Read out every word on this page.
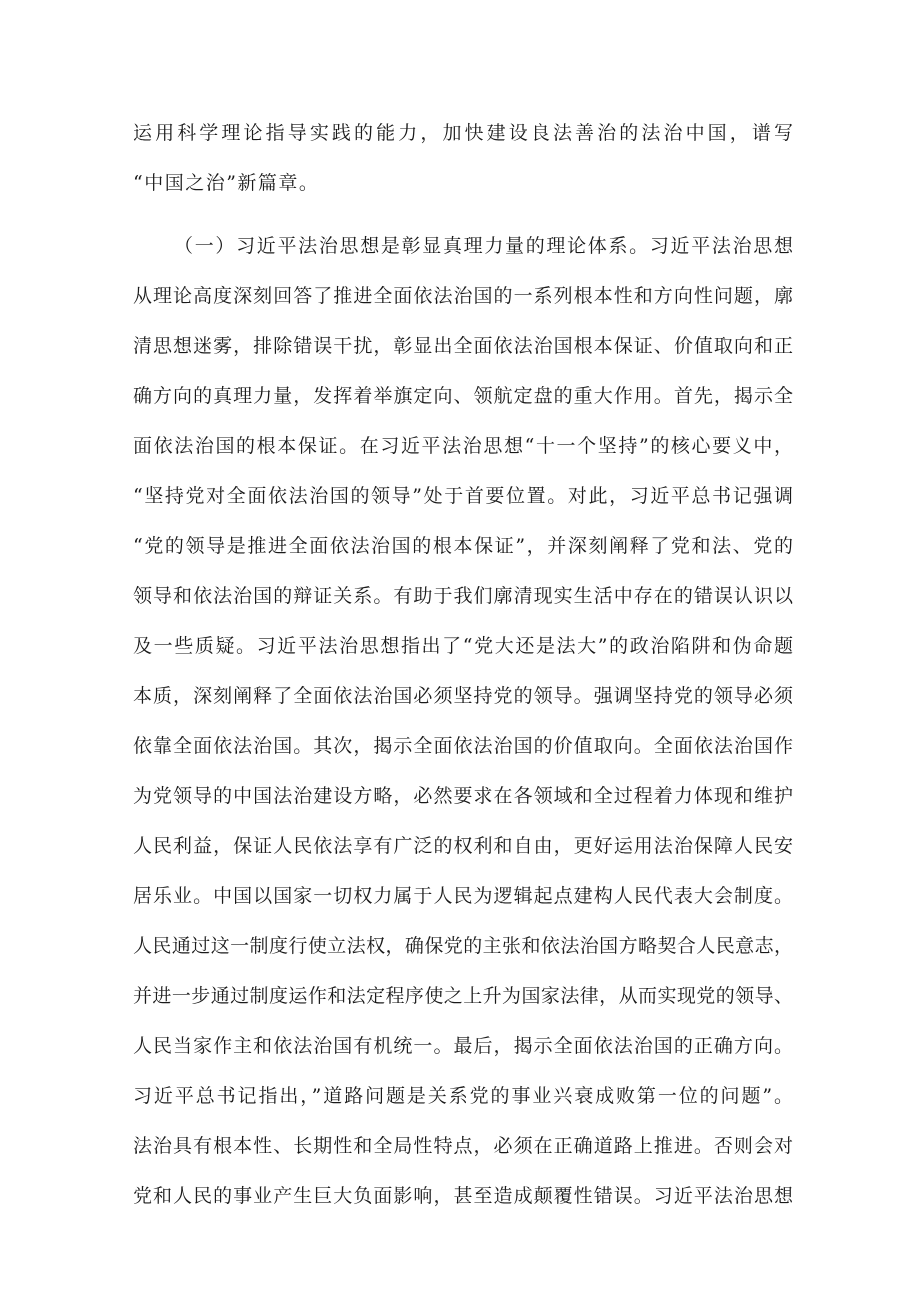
运用科学理论指导实践的能力，加快建设良法善治的法治中国，谱写
“中国之治”新篇章。
（一）习近平法治思想是彰显真理力量的理论体系。习近平法治思想
从理论高度深刻回答了推进全面依法治国的一系列根本性和方向性问题，廓
清思想迷雾，排除错误干扰，彰显出全面依法治国根本保证、价值取向和正
确方向的真理力量，发挥着举旗定向、领航定盘的重大作用。首先，揭示全
面依法治国的根本保证。在习近平法治思想“十一个坚持”的核心要义中，
“坚持党对全面依法治国的领导”处于首要位置。对此，习近平总书记强调
“党的领导是推进全面依法治国的根本保证”，并深刻阐释了党和法、党的
领导和依法治国的辩证关系。有助于我们廓清现实生活中存在的错误认识以
及一些质疑。习近平法治思想指出了“党大还是法大”的政治陷阱和伪命题
本质，深刻阐释了全面依法治国必须坚持党的领导。强调坚持党的领导必须
依靠全面依法治国。其次，揭示全面依法治国的价值取向。全面依法治国作
为党领导的中国法治建设方略，必然要求在各领域和全过程着力体现和维护
人民利益，保证人民依法享有广泛的权利和自由，更好运用法治保障人民安
居乐业。中国以国家一切权力属于人民为逻辑起点建构人民代表大会制度。
人民通过这一制度行使立法权，确保党的主张和依法治国方略契合人民意志，
并进一步通过制度运作和法定程序使之上升为国家法律，从而实现党的领导、
人民当家作主和依法治国有机统一。最后，揭示全面依法治国的正确方向。
习近平总书记指出，”道路问题是关系党的事业兴衰成败第一位的问题”。
法治具有根本性、长期性和全局性特点，必须在正确道路上推进。否则会对
党和人民的事业产生巨大负面影响，甚至造成颠覆性错误。习近平法治思想
